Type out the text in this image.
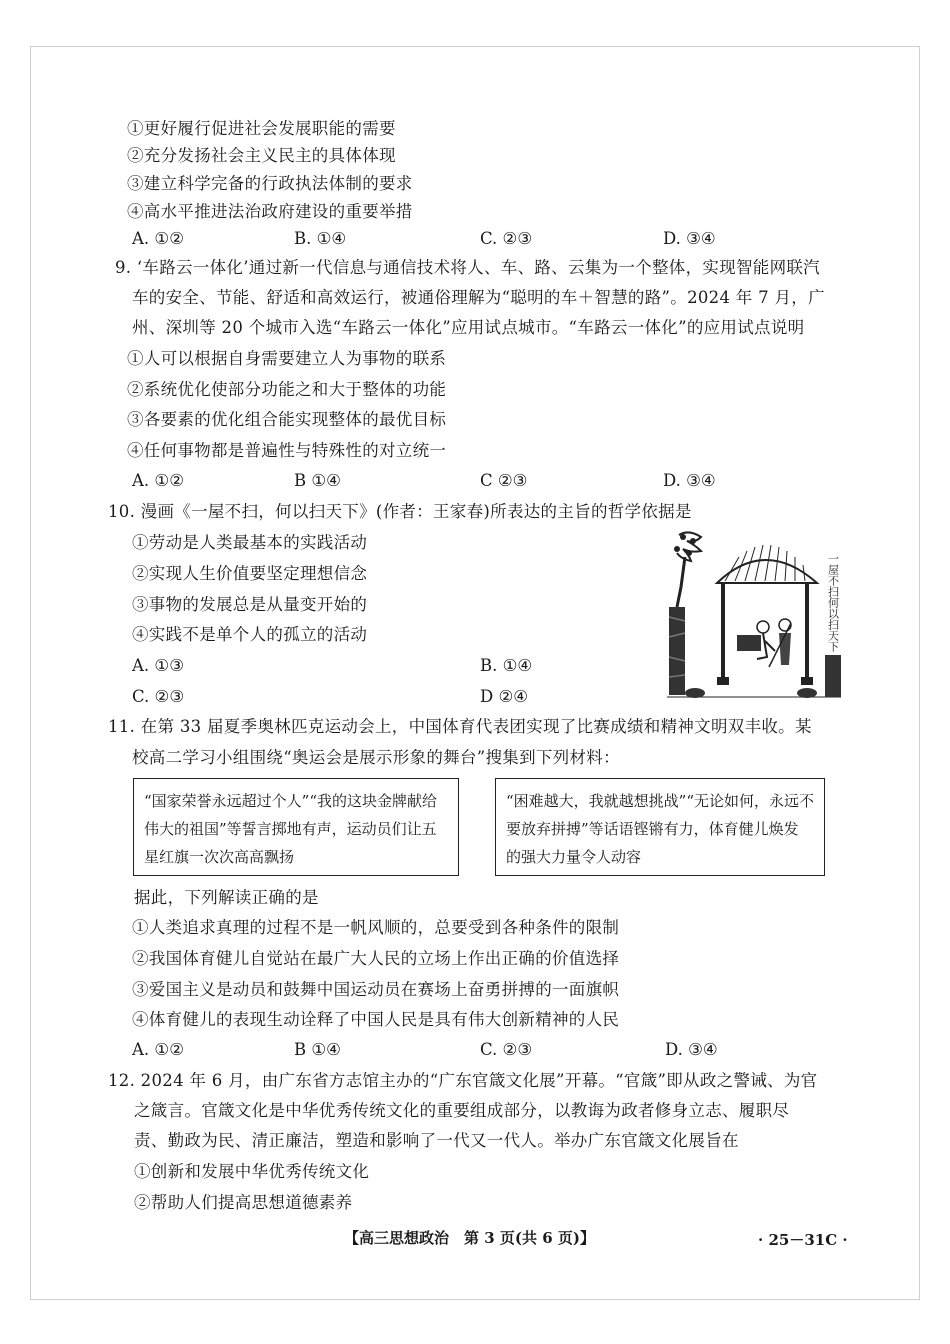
①更好履行促进社会发展职能的需要
②充分发扬社会主义民主的具体体现
③建立科学完备的行政执法体制的要求
④高水平推进法治政府建设的重要举措
A. ①②	B. ①④	C. ②③	D. ③④
9. ‘车路云一体化’通过新一代信息与通信技术将人、车、路、云集为一个整体，实现智能网联汽
车的安全、节能、舒适和高效运行，被通俗理解为“聪明的车＋智慧的路”。2024 年 7 月，广
州、深圳等 20 个城市入选“车路云一体化”应用试点城市。“车路云一体化”的应用试点说明
①人可以根据自身需要建立人为事物的联系
②系统优化使部分功能之和大于整体的功能
③各要素的优化组合能实现整体的最优目标
④任何事物都是普遍性与特殊性的对立统一
A. ①②	B ①④	C ②③	D. ③④
10. 漫画《一屋不扫，何以扫天下》(作者：王家春)所表达的主旨的哲学依据是
①劳动是人类最基本的实践活动
②实现人生价值要坚定理想信念
③事物的发展总是从量变开始的
④实践不是单个人的孤立的活动
A. ①③	B. ①④
C. ②③	D ②④
一屋不扫何以扫天下
11. 在第 33 届夏季奥林匹克运动会上，中国体育代表团实现了比赛成绩和精神文明双丰收。某
校高二学习小组围绕“奥运会是展示形象的舞台”搜集到下列材料：
“国家荣誉永远超过个人”“我的这块金牌献给
伟大的祖国”等誓言掷地有声，运动员们让五
星红旗一次次高高飘扬
“困难越大，我就越想挑战”“无论如何，永远不
要放弃拼搏”等话语铿锵有力，体育健儿焕发
的强大力量令人动容
据此，下列解读正确的是
①人类追求真理的过程不是一帆风顺的，总要受到各种条件的限制
②我国体育健儿自觉站在最广大人民的立场上作出正确的价值选择
③爱国主义是动员和鼓舞中国运动员在赛场上奋勇拼搏的一面旗帜
④体育健儿的表现生动诠释了中国人民是具有伟大创新精神的人民
A. ①②	B ①④	C. ②③	D. ③④
12. 2024 年 6 月，由广东省方志馆主办的“广东官箴文化展”开幕。“官箴”即从政之警诫、为官
之箴言。官箴文化是中华优秀传统文化的重要组成部分，以教诲为政者修身立志、履职尽
责、勤政为民、清正廉洁，塑造和影响了一代又一代人。举办广东官箴文化展旨在
①创新和发展中华优秀传统文化
②帮助人们提高思想道德素养
【高三思想政治　第 3 页(共 6 页)】	· 25－31C ·
